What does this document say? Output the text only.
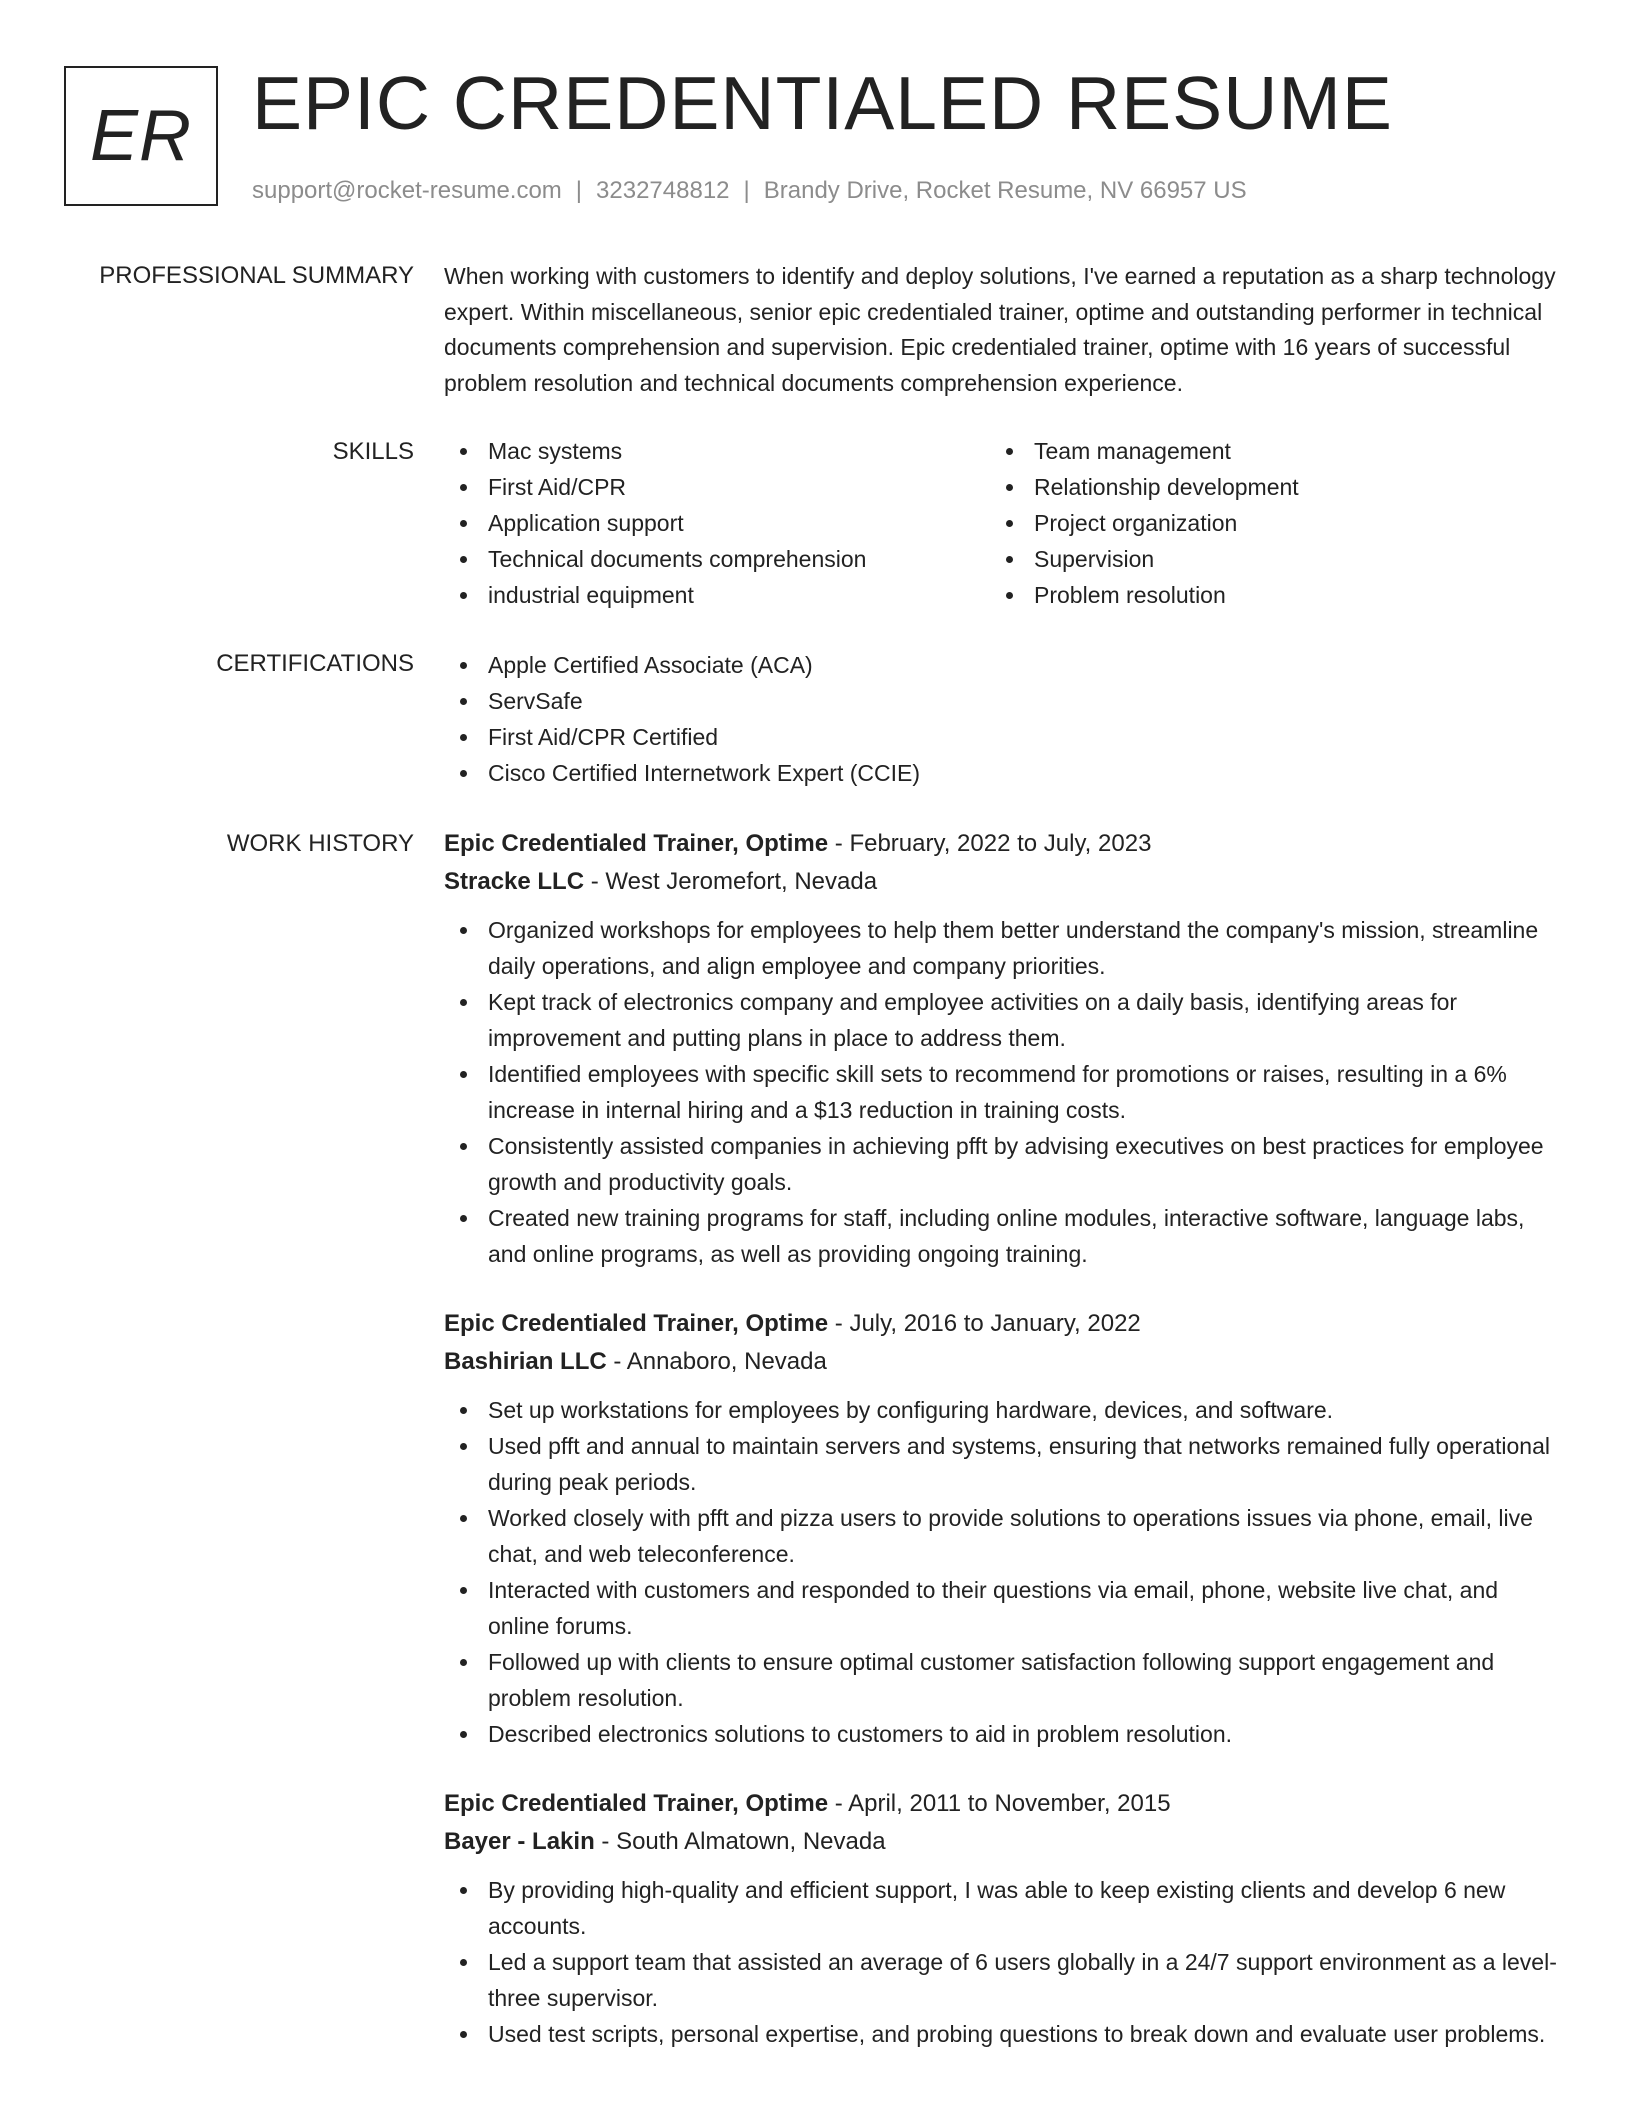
ER EPIC CREDENTIALED RESUME
support@rocket-resume.com | 3232748812 | Brandy Drive, Rocket Resume, NV 66957 US
PROFESSIONAL SUMMARY When working with customers to identify and deploy solutions, I've earned a reputation as a sharp technology expert. Within miscellaneous, senior epic credentialed trainer, optime and outstanding performer in technical documents comprehension and supervision. Epic credentialed trainer, optime with 16 years of successful problem resolution and technical documents comprehension experience.

SKILLS	Mac systems
First Aid/CPR
Application support
Technical documents comprehension
industrial equipment
Team management
Relationship development
Project organization
Supervision
Problem resolution
CERTIFICATIONS	Apple Certified Associate (ACA)
ServSafe
First Aid/CPR Certified
Cisco Certified Internetwork Expert (CCIE)
WORK HISTORY Epic Credentialed Trainer, Optime - February, 2022 to July, 2023
Stracke LLC - West Jeromefort, Nevada
Organized workshops for employees to help them better understand the company's mission, streamline daily operations, and align employee and company priorities.
Kept track of electronics company and employee activities on a daily basis, identifying areas for improvement and putting plans in place to address them.
Identified employees with specific skill sets to recommend for promotions or raises, resulting in a 6% increase in internal hiring and a $13 reduction in training costs.
Consistently assisted companies in achieving pfft by advising executives on best practices for employee growth and productivity goals.
Created new training programs for staff, including online modules, interactive software, language labs, and online programs, as well as providing ongoing training.
Epic Credentialed Trainer, Optime - July, 2016 to January, 2022
Bashirian LLC - Annaboro, Nevada
Set up workstations for employees by configuring hardware, devices, and software.
Used pfft and annual to maintain servers and systems, ensuring that networks remained fully operational during peak periods.
Worked closely with pfft and pizza users to provide solutions to operations issues via phone, email, live chat, and web teleconference.
Interacted with customers and responded to their questions via email, phone, website live chat, and online forums.
Followed up with clients to ensure optimal customer satisfaction following support engagement and problem resolution.
Described electronics solutions to customers to aid in problem resolution.
Epic Credentialed Trainer, Optime - April, 2011 to November, 2015
Bayer - Lakin - South Almatown, Nevada
By providing high-quality and efficient support, I was able to keep existing clients and develop 6 new accounts.
Led a support team that assisted an average of 6 users globally in a 24/7 support environment as a level-three supervisor.
Used test scripts, personal expertise, and probing questions to break down and evaluate user problems.
